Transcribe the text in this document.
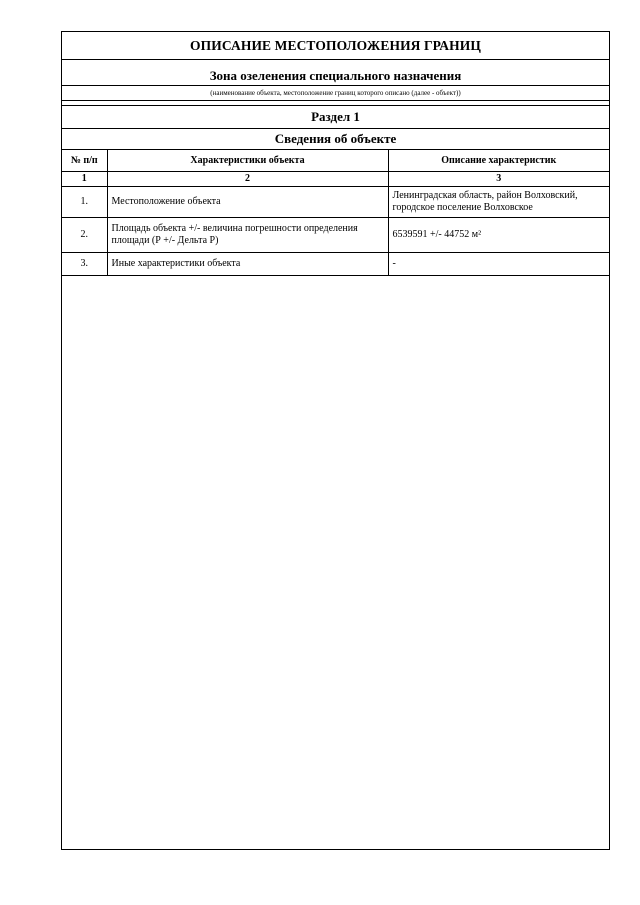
ОПИСАНИЕ МЕСТОПОЛОЖЕНИЯ ГРАНИЦ
Зона озеленения специального назначения
(наименование объекта, местоположение границ которого описано (далее - объект))
Раздел 1
Сведения об объекте
№ п/п	Характеристики объекта	Описание характеристик
1	2	3
1.	Местоположение объекта	Ленинградская область, район Волховский, городское поселение Волховское
2.	Площадь объекта +/- величина погрешности определения площади (Р +/- Дельта Р)	6539591 +/- 44752 м²
3.	Иные характеристики объекта	-
